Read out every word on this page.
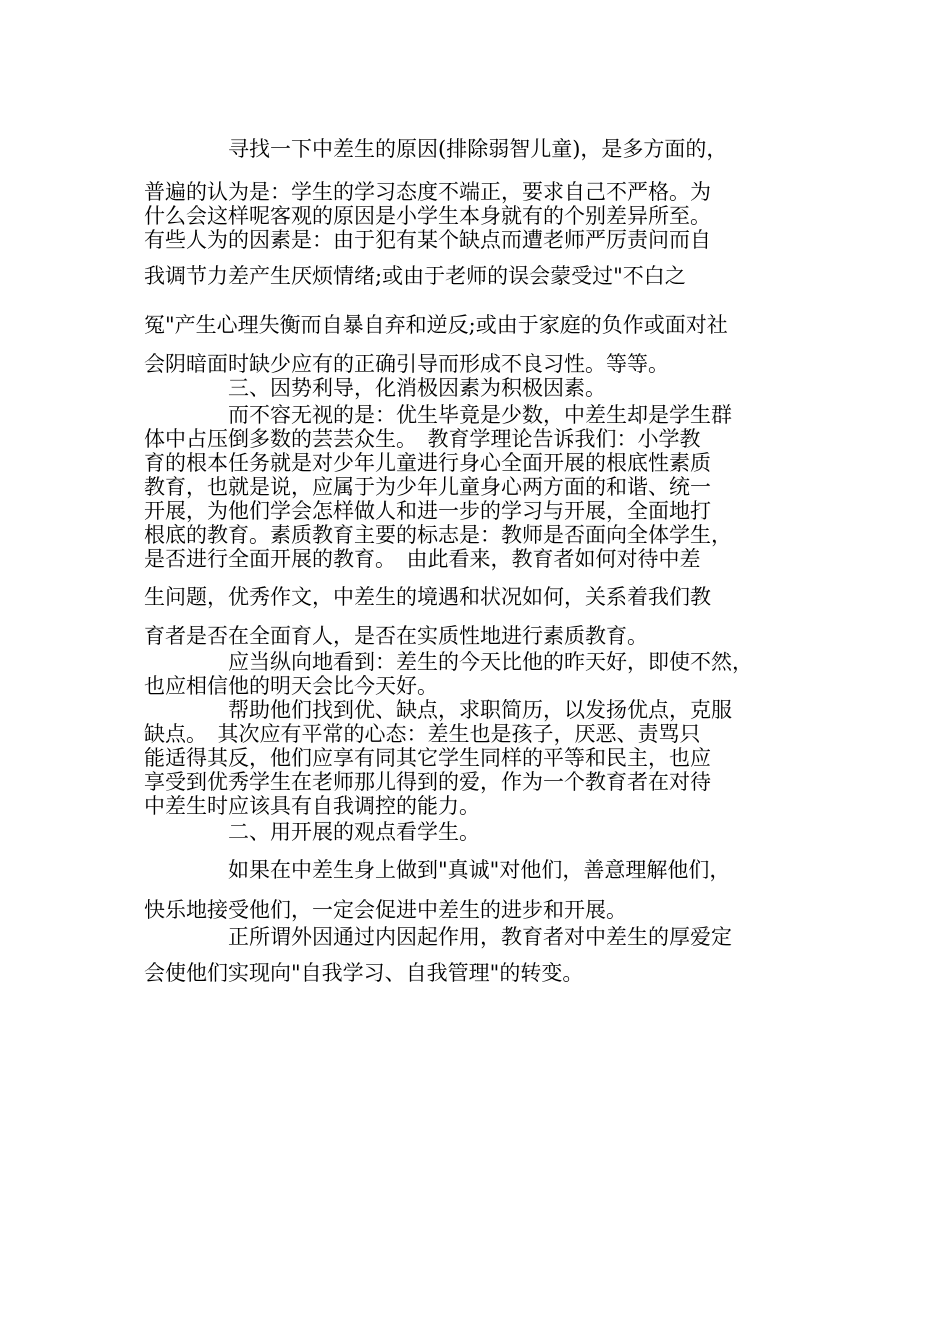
寻找一下中差生的原因(排除弱智儿童)，是多方面的，
普遍的认为是：学生的学习态度不端正，要求自己不严格。为
什么会这样呢客观的原因是小学生本身就有的个别差异所至。
有些人为的因素是：由于犯有某个缺点而遭老师严厉责问而自
我调节力差产生厌烦情绪;或由于老师的误会蒙受过"不白之
冤"产生心理失衡而自暴自弃和逆反;或由于家庭的负作或面对社
会阴暗面时缺少应有的正确引导而形成不良习性。等等。
三、因势利导，化消极因素为积极因素。
而不容无视的是：优生毕竟是少数，中差生却是学生群
体中占压倒多数的芸芸众生。　教育学理论告诉我们：小学教
育的根本任务就是对少年儿童进行身心全面开展的根底性素质
教育，也就是说，应属于为少年儿童身心两方面的和谐、统一
开展，为他们学会怎样做人和进一步的学习与开展，全面地打
根底的教育。素质教育主要的标志是：教师是否面向全体学生，
是否进行全面开展的教育。　由此看来，教育者如何对待中差
生问题，优秀作文，中差生的境遇和状况如何，关系着我们教
育者是否在全面育人，是否在实质性地进行素质教育。
应当纵向地看到：差生的今天比他的昨天好，即使不然，
也应相信他的明天会比今天好。
帮助他们找到优、缺点，求职简历，以发扬优点，克服
缺点。　其次应有平常的心态：差生也是孩子，厌恶、责骂只
能适得其反，他们应享有同其它学生同样的平等和民主，也应
享受到优秀学生在老师那儿得到的爱，作为一个教育者在对待
中差生时应该具有自我调控的能力。
二、用开展的观点看学生。
如果在中差生身上做到"真诚"对他们，善意理解他们，
快乐地接受他们，一定会促进中差生的进步和开展。
正所谓外因通过内因起作用，教育者对中差生的厚爱定
会使他们实现向"自我学习、自我管理"的转变。
